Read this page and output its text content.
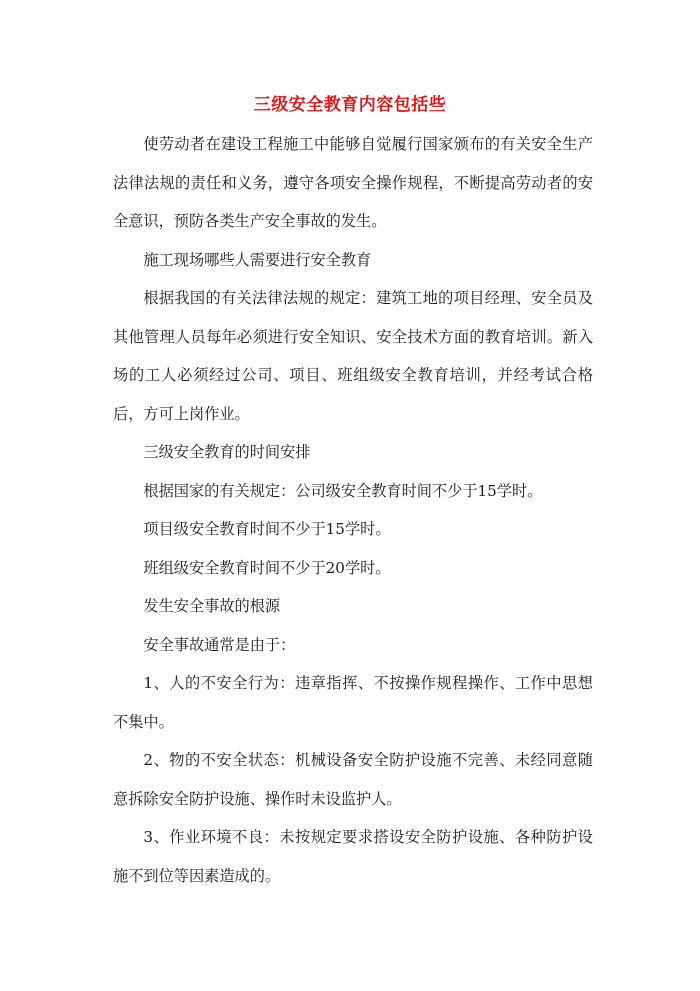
三级安全教育内容包括些

使劳动者在建设工程施工中能够自觉履行国家颁布的有关安全生产法律法规的责任和义务，遵守各项安全操作规程，不断提高劳动者的安全意识，预防各类生产安全事故的发生。

施工现场哪些人需要进行安全教育

根据我国的有关法律法规的规定：建筑工地的项目经理、安全员及其他管理人员每年必须进行安全知识、安全技术方面的教育培训。新入场的工人必须经过公司、项目、班组级安全教育培训，并经考试合格后，方可上岗作业。

三级安全教育的时间安排

根据国家的有关规定：公司级安全教育时间不少于15学时。

项目级安全教育时间不少于15学时。

班组级安全教育时间不少于20学时。

发生安全事故的根源

安全事故通常是由于：

1、人的不安全行为：违章指挥、不按操作规程操作、工作中思想不集中。

2、物的不安全状态：机械设备安全防护设施不完善、未经同意随意拆除安全防护设施、操作时未设监护人。

3、作业环境不良：未按规定要求搭设安全防护设施、各种防护设施不到位等因素造成的。
